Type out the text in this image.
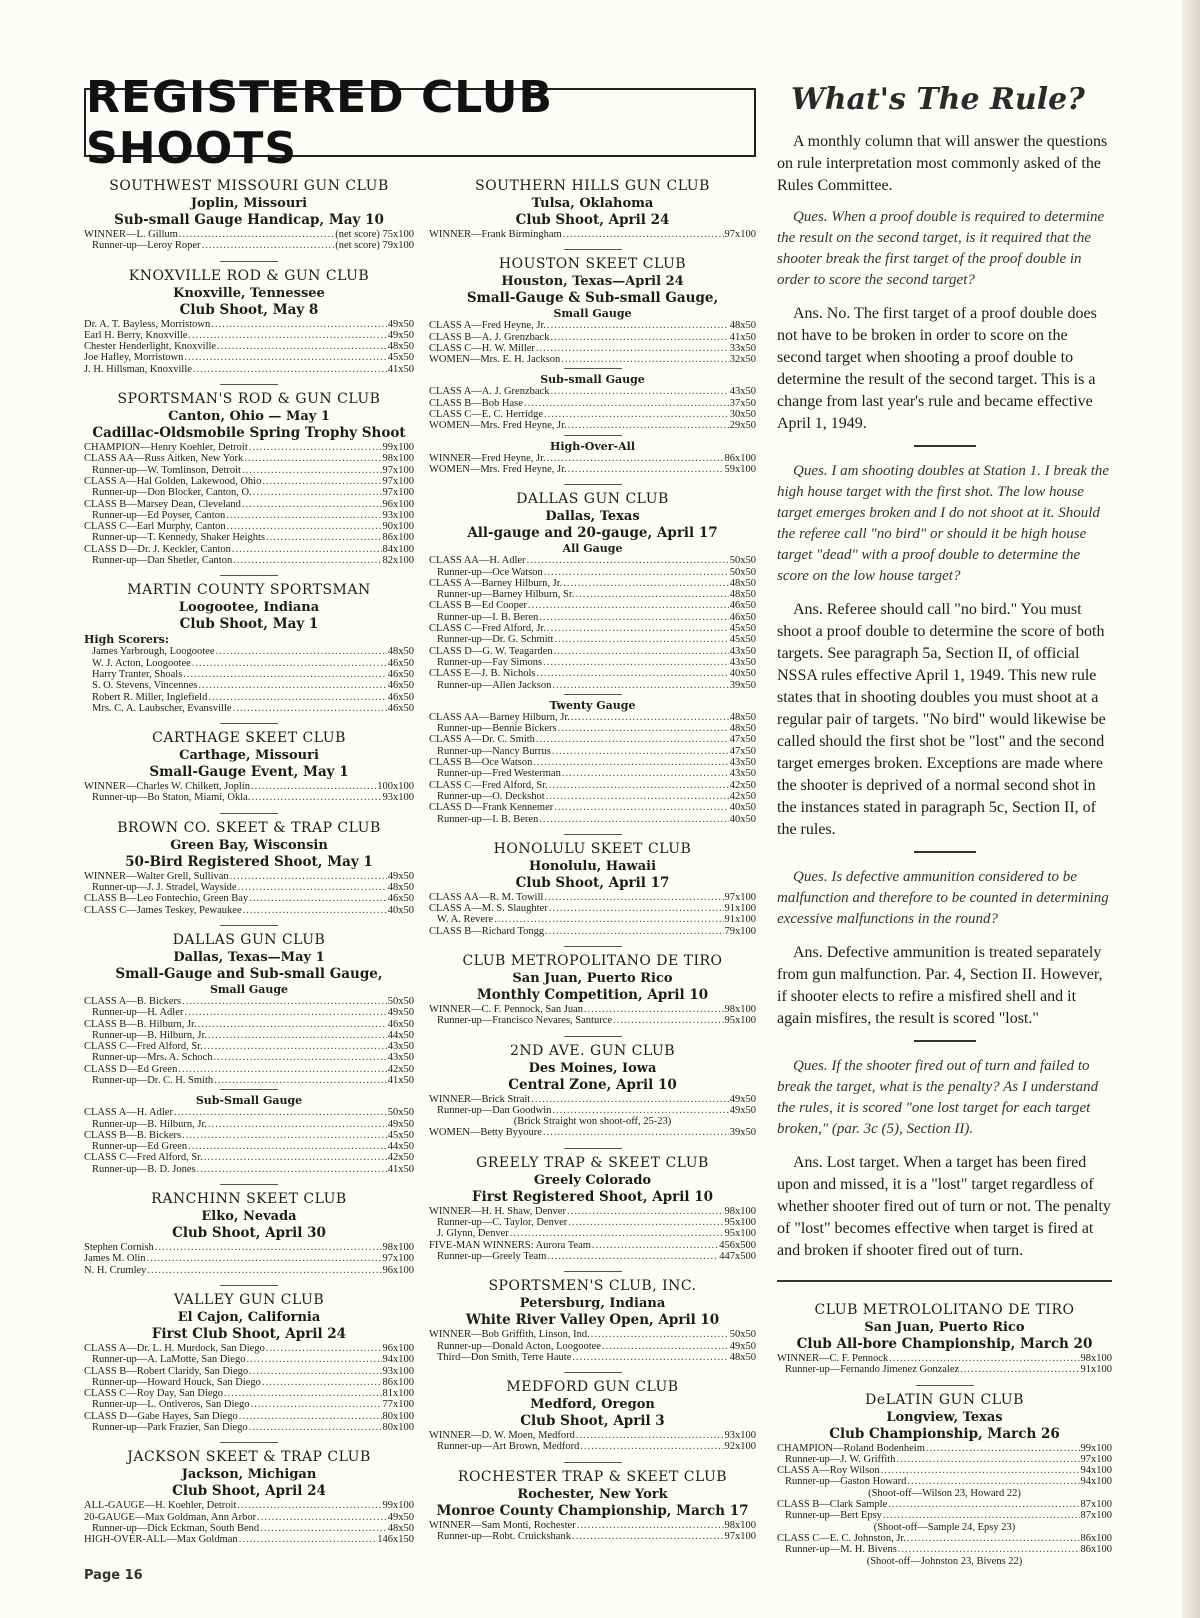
REGISTERED CLUB SHOOTS
SOUTHWEST MISSOURI GUN CLUB
Joplin, Missouri
Sub-small Gauge Handicap, May 10
WINNER—L. Gillum .....	(net score) 75x100
Runner-up—Leroy Roper .....	(net score) 79x100
KNOXVILLE ROD & GUN CLUB
Knoxville, Tennessee
Club Shoot, May 8
Dr. A. T. Bayless, Morristown .....	49x50
Earl H. Berry, Knoxville .....	49x50
Chester Henderlight, Knoxville .....	48x50
Joe Hafley, Morristown .....	45x50
J. H. Hillsman, Knoxville .....	41x50
SPORTSMAN'S ROD & GUN CLUB
Canton, Ohio — May 1
Cadillac-Oldsmobile Spring Trophy Shoot
CHAMPION—Henry Koehler, Detroit .....	99x100
CLASS AA—Russ Aitken, New York .....	98x100
Runner-up—W. Tomlinson, Detroit .....	97x100
CLASS A—Hal Golden, Lakewood, Ohio .....	97x100
Runner-up—Don Blocker, Canton, O. .....	97x100
CLASS B—Marsey Dean, Cleveland .....	96x100
Runner-up—Ed Poyser, Canton .....	93x100
CLASS C—Earl Murphy, Canton .....	90x100
Runner-up—T. Kennedy, Shaker Heights .....	86x100
CLASS D—Dr. J. Keckler, Canton .....	84x100
Runner-up—Dan Shetler, Canton .....	82x100
MARTIN COUNTY SPORTSMAN
Loogootee, Indiana
Club Shoot, May 1
High Scorers:
James Yarbrough, Loogootee .....	48x50
W. J. Acton, Loogootee .....	46x50
Harry Tranter, Shoals .....	46x50
S. O. Stevens, Vincennes .....	46x50
Robert R. Miller, Inglefield .....	46x50
Mrs. C. A. Laubscher, Evansville .....	46x50
CARTHAGE SKEET CLUB
Carthage, Missouri
Small-Gauge Event, May 1
WINNER—Charles W. Chilkett, Joplin .....	100x100
Runner-up—Bo Staton, Miami, Okla. .....	93x100
BROWN CO. SKEET & TRAP CLUB
Green Bay, Wisconsin
50-Bird Registered Shoot, May 1
WINNER—Walter Grell, Sullivan .....	49x50
Runner-up—J. J. Stradel, Wayside .....	48x50
CLASS B—Leo Fontechio, Green Bay .....	46x50
CLASS C—James Teskey, Pewaukee .....	40x50
DALLAS GUN CLUB
Dallas, Texas—May 1
Small-Gauge and Sub-small Gauge,
Small Gauge
CLASS A—B. Bickers .....	50x50
Runner-up—H. Adler .....	49x50
CLASS B—B. Hilburn, Jr. .....	46x50
Runner-up—B. Hilburn, Jr. .....	44x50
CLASS C—Fred Alford, Sr. .....	43x50
Runner-up—Mrs. A. Schoch .....	43x50
CLASS D—Ed Green .....	42x50
Runner-up—Dr. C. H. Smith .....	41x50
Sub-Small Gauge
CLASS A—H. Adler .....	50x50
Runner-up—B. Hilburn, Jr. .....	49x50
CLASS B—B. Bickers .....	45x50
Runner-up—Ed Green .....	44x50
CLASS C—Fred Alford, Sr. .....	42x50
Runner-up—B. D. Jones .....	41x50
RANCHINN SKEET CLUB
Elko, Nevada
Club Shoot, April 30
Stephen Cornish .....	98x100
James M. Olin .....	97x100
N. H. Crumley .....	96x100
VALLEY GUN CLUB
El Cajon, California
First Club Shoot, April 24
CLASS A—Dr. L. H. Murdock, San Diego .....	96x100
Runner-up—A. LaMotte, San Diego .....	94x100
CLASS B—Robert Claridy, San Diego .....	93x100
Runner-up—Howard Houck, San Diego .....	86x100
CLASS C—Roy Day, San Diego .....	81x100
Runner-up—L. Ontiveros, San Diego .....	77x100
CLASS D—Gabe Hayes, San Diego .....	80x100
Runner-up—Park Frazier, San Diego .....	80x100
JACKSON SKEET & TRAP CLUB
Jackson, Michigan
Club Shoot, April 24
ALL-GAUGE—H. Koehler, Detroit .....	99x100
20-GAUGE—Max Goldman, Ann Arbor .....	49x50
Runner-up—Dick Eckman, South Bend .....	48x50
HIGH-OVER-ALL—Max Goldman .....	146x150
SOUTHERN HILLS GUN CLUB
Tulsa, Oklahoma
Club Shoot, April 24
WINNER—Frank Birmingham .....	97x100
HOUSTON SKEET CLUB
Houston, Texas—April 24
Small-Gauge & Sub-small Gauge,
Small Gauge
CLASS A—Fred Heyne, Jr. .....	48x50
CLASS B—A. J. Grenzback .....	41x50
CLASS C—H. W. Miller .....	33x50
WOMEN—Mrs. E. H. Jackson .....	32x50
Sub-small Gauge
CLASS A—A. J. Grenzback .....	43x50
CLASS B—Bob Hase .....	37x50
CLASS C—E. C. Herridge .....	30x50
WOMEN—Mrs. Fred Heyne, Jr. .....	29x50
High-Over-All
WINNER—Fred Heyne, Jr. .....	86x100
WOMEN—Mrs. Fred Heyne, Jr. .....	59x100
DALLAS GUN CLUB
Dallas, Texas
All-gauge and 20-gauge, April 17
All Gauge
CLASS AA—H. Adler .....	50x50
Runner-up—Oce Watson .....	50x50
CLASS A—Barney Hilburn, Jr. .....	48x50
Runner-up—Barney Hilburn, Sr. .....	48x50
CLASS B—Ed Cooper .....	46x50
Runner-up—I. B. Beren .....	46x50
CLASS C—Fred Alford, Jr. .....	45x50
Runner-up—Dr. G. Schmitt .....	45x50
CLASS D—G. W. Teagarden .....	43x50
Runner-up—Fay Simons .....	43x50
CLASS E—J. B. Nichols .....	40x50
Runner-up—Allen Jackson .....	39x50
Twenty Gauge
CLASS AA—Barney Hilburn, Jr. .....	48x50
Runner-up—Bennie Bickers .....	48x50
CLASS A—Dr. C. Smith .....	47x50
Runner-up—Nancy Burrus .....	47x50
CLASS B—Oce Watson .....	43x50
Runner-up—Fred Westerman .....	43x50
CLASS C—Fred Alford, Sr. .....	42x50
Runner-up—O. Deckshot .....	42x50
CLASS D—Frank Kennemer .....	40x50
Runner-up—I. B. Beren .....	40x50
HONOLULU SKEET CLUB
Honolulu, Hawaii
Club Shoot, April 17
CLASS AA—R. M. Towill .....	97x100
CLASS A—M. S. Slaughter .....	91x100
W. A. Revere .....	91x100
CLASS B—Richard Tongg .....	79x100
CLUB METROPOLITANO DE TIRO
San Juan, Puerto Rico
Monthly Competition, April 10
WINNER—C. F. Pennock, San Juan .....	98x100
Runner-up—Francisco Nevares, Santurce .....	95x100
2ND AVE. GUN CLUB
Des Moines, Iowa
Central Zone, April 10
WINNER—Brick Strait .....	49x50
Runner-up—Dan Goodwin .....	49x50
(Brick Straight won shoot-off, 25-23)
WOMEN—Betty Byyoure .....	39x50
GREELY TRAP & SKEET CLUB
Greely Colorado
First Registered Shoot, April 10
WINNER—H. H. Shaw, Denver .....	98x100
Runner-up—C. Taylor, Denver .....	95x100
J. Glynn, Denver .....	95x100
FIVE-MAN WINNERS: Aurora Team .....	456x500
Runner-up—Greely Team .....	447x500
SPORTSMEN'S CLUB, INC.
Petersburg, Indiana
White River Valley Open, April 10
WINNER—Bob Griffith, Linson, Ind. .....	50x50
Runner-up—Donald Acton, Loogootee .....	49x50
Third—Don Smith, Terre Haute .....	48x50
MEDFORD GUN CLUB
Medford, Oregon
Club Shoot, April 3
WINNER—D. W. Moen, Medford .....	93x100
Runner-up—Art Brown, Medford .....	92x100
ROCHESTER TRAP & SKEET CLUB
Rochester, New York
Monroe County Championship, March 17
WINNER—Sam Monti, Rochester .....	98x100
Runner-up—Robt. Cruickshank .....	97x100
What's The Rule?

A monthly column that will answer the questions on rule interpretation most commonly asked of the Rules Committee.

Ques. When a proof double is required to determine the result on the second target, is it required that the shooter break the first target of the proof double in order to score the second target?

Ans. No. The first target of a proof double does not have to be broken in order to score on the second target when shooting a proof double to determine the result of the second target. This is a change from last year's rule and became effective April 1, 1949.

Ques. I am shooting doubles at Station 1. I break the high house target with the first shot. The low house target emerges broken and I do not shoot at it. Should the referee call "no bird" or should it be high house target "dead" with a proof double to determine the score on the low house target?

Ans. Referee should call "no bird." You must shoot a proof double to determine the score of both targets. See paragraph 5a, Section II, of official NSSA rules effective April 1, 1949. This new rule states that in shooting doubles you must shoot at a regular pair of targets. "No bird" would likewise be called should the first shot be "lost" and the second target emerges broken. Exceptions are made where the shooter is deprived of a normal second shot in the instances stated in paragraph 5c, Section II, of the rules.

Ques. Is defective ammunition considered to be malfunction and therefore to be counted in determining excessive malfunctions in the round?

Ans. Defective ammunition is treated separately from gun malfunction. Par. 4, Section II. However, if shooter elects to refire a misfired shell and it again misfires, the result is scored "lost."

Ques. If the shooter fired out of turn and failed to break the target, what is the penalty? As I understand the rules, it is scored "one lost target for each target broken," (par. 3c (5), Section II).

Ans. Lost target. When a target has been fired upon and missed, it is a "lost" target regardless of whether shooter fired out of turn or not. The penalty of "lost" becomes effective when target is fired at and broken if shooter fired out of turn.

CLUB METROLOLITANO DE TIRO
San Juan, Puerto Rico
Club All-bore Championship, March 20
WINNER—C. F. Pennock .....	98x100
Runner-up—Fernando Jimenez Gonzalez .....	91x100
DeLATIN GUN CLUB
Longview, Texas
Club Championship, March 26
CHAMPION—Roland Bodenheim .....	99x100
Runner-up—J. W. Griffith .....	97x100
CLASS A—Roy Wilson .....	94x100
Runner-up—Gaston Howard .....	94x100
(Shoot-off—Wilson 23, Howard 22)
CLASS B—Clark Sample .....	87x100
Runner-up—Bert Epsy .....	87x100
(Shoot-off—Sample 24, Epsy 23)
CLASS C—E. C. Johnston, Jr. .....	86x100
Runner-up—M. H. Bivens .....	86x100
(Shoot-off—Johnston 23, Bivens 22)
Page 16
